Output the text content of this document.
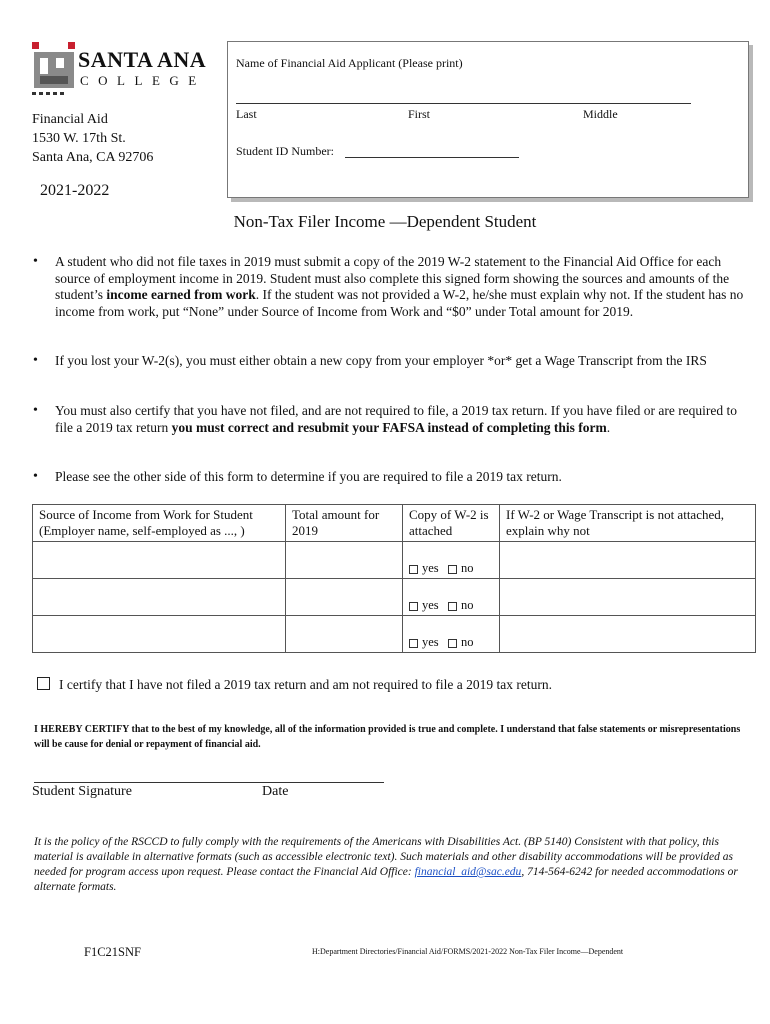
SANTA ANA
COLLEGE
Financial Aid
1530 W. 17th St.
Santa Ana, CA 92706
2021-2022
Name of Financial Aid Applicant (Please print)
Last	First	Middle
Student ID Number:
Non-Tax Filer Income —Dependent Student
• A student who did not file taxes in 2019 must submit a copy of the 2019 W-2 statement to the Financial Aid Office for each source of employment income in 2019. Student must also complete this signed form showing the sources and amounts of the student’s income earned from work. If the student was not provided a W-2, he/she must explain why not. If the student has no income from work, put “None” under Source of Income from Work and “$0” under Total amount for 2019.
• If you lost your W-2(s), you must either obtain a new copy from your employer *or* get a Wage Transcript from the IRS
• You must also certify that you have not filed, and are not required to file, a 2019 tax return. If you have filed or are required to file a 2019 tax return you must correct and resubmit your FAFSA instead of completing this form.
• Please see the other side of this form to determine if you are required to file a 2019 tax return.
Source of Income from Work for Student (Employer name, self-employed as ..., )	Total amount for 2019	Copy of W-2 is attached	If W-2 or Wage Transcript is not attached, explain why not
		yes no	
		yes no	
		yes no	
I certify that I have not filed a 2019 tax return and am not required to file a 2019 tax return.
I HEREBY CERTIFY that to the best of my knowledge, all of the information provided is true and complete. I understand that false statements or misrepresentations will be cause for denial or repayment of financial aid.
Student Signature	Date
It is the policy of the RSCCD to fully comply with the requirements of the Americans with Disabilities Act. (BP 5140) Consistent with that policy, this material is available in alternative formats (such as accessible electronic text). Such materials and other disability accommodations will be provided as needed for program access upon request. Please contact the Financial Aid Office: financial_aid@sac.edu, 714-564-6242 for needed accommodations or alternate formats.
F1C21SNF	H:Department Directories/Financial Aid/FORMS/2021-2022 Non-Tax Filer Income—Dependent
